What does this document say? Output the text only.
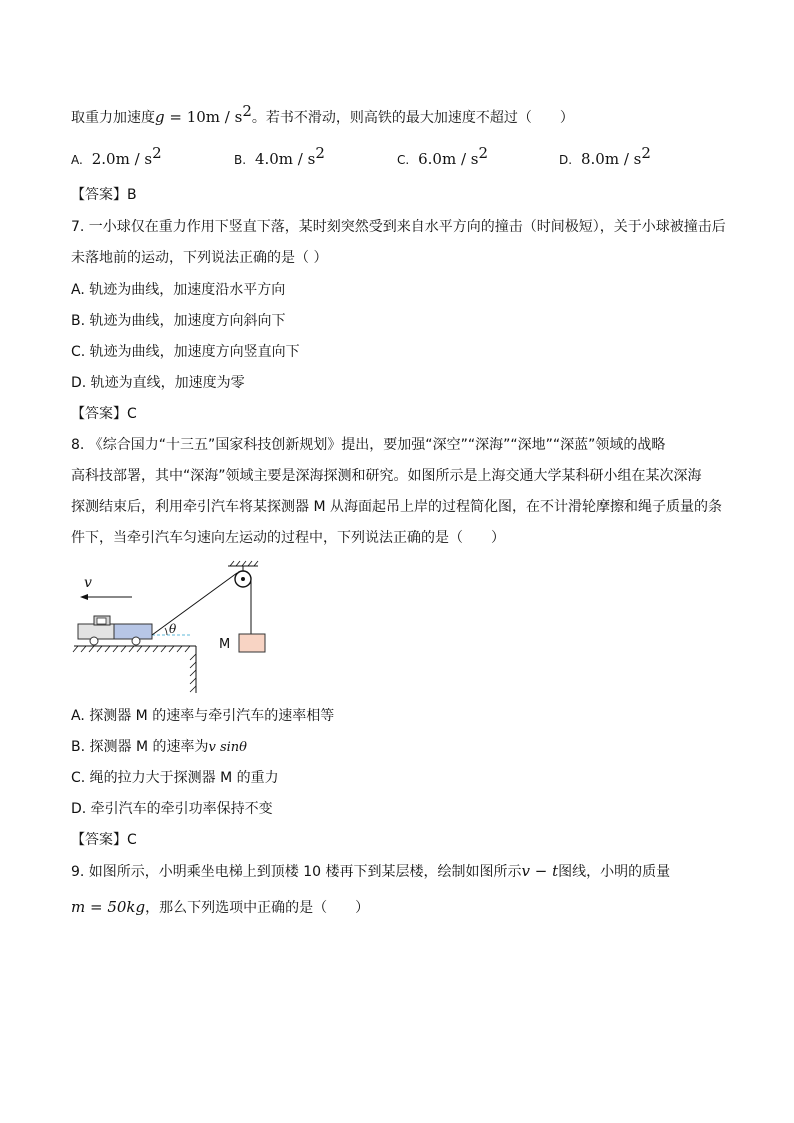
取重力加速度$g = 10m / s^2$。若书不滑动，则高铁的最大加速度不超过（　　）
A. $2.0m / s^2$	B. $4.0m / s^2$	C. $6.0m / s^2$	D. $8.0m / s^2$
【答案】B
7. 一小球仅在重力作用下竖直下落，某时刻突然受到来自水平方向的撞击（时间极短），关于小球被撞击后
未落地前的运动，下列说法正确的是（ ）
A. 轨迹为曲线，加速度沿水平方向
B. 轨迹为曲线，加速度方向斜向下
C. 轨迹为曲线，加速度方向竖直向下
D. 轨迹为直线，加速度为零
【答案】C
8. 《综合国力“十三五”国家科技创新规划》提出，要加强“深空”“深海”“深地”“深蓝”领域的战略
高科技部署，其中“深海”领域主要是深海探测和研究。如图所示是上海交通大学某科研小组在某次深海
探测结束后，利用牵引汽车将某探测器 M 从海面起吊上岸的过程简化图，在不计滑轮摩擦和绳子质量的条
件下，当牵引汽车匀速向左运动的过程中，下列说法正确的是（　　）
v
θ
M
A. 探测器 M 的速率与牵引汽车的速率相等
B. 探测器 M 的速率为v sinθ
C. 绳的拉力大于探测器 M 的重力
D. 牵引汽车的牵引功率保持不变
【答案】C
9. 如图所示，小明乘坐电梯上到顶楼 10 楼再下到某层楼，绘制如图所示v − t图线，小明的质量
m = 50kg，那么下列选项中正确的是（　　）
